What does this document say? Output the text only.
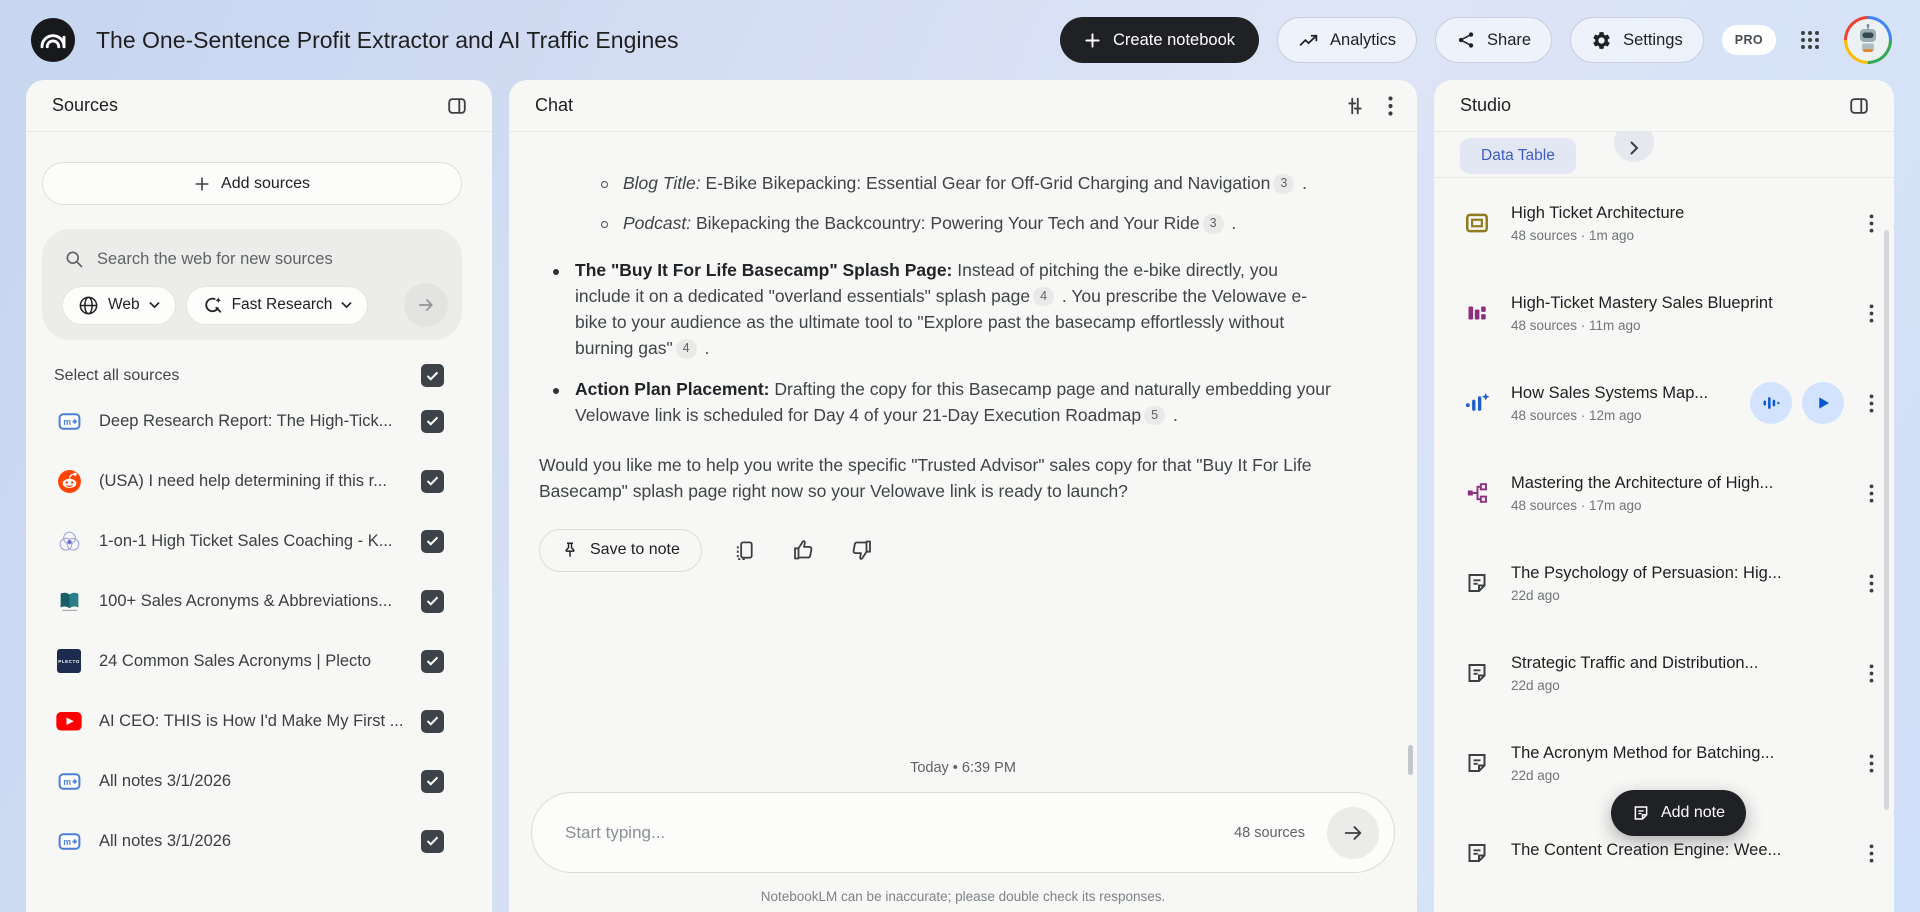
The One-Sentence Profit Extractor and AI Traffic Engines	Create notebook	Analytics	Share	Settings	PRO
Sources
Add sources
Search the web for new sources
Web	Fast Research
Select all sources
m Deep Research Report: The High-Tick...
(USA) I need help determining if this r...
1-on-1 High Ticket Sales Coaching - K...
100+ Sales Acronyms & Abbreviations...
PLECTO 24 Common Sales Acronyms | Plecto
AI CEO: THIS is How I'd Make My First ...
m All notes 3/1/2026
m All notes 3/1/2026
Chat
Blog Title: E-Bike Bikepacking: Essential Gear for Off-Grid Charging and Navigation 3 .
Podcast: Bikepacking the Backcountry: Powering Your Tech and Your Ride 3 .
The "Buy It For Life Basecamp" Splash Page: Instead of pitching the e-bike directly, you include it on a dedicated "overland essentials" splash page 4 . You prescribe the Velowave e-bike to your audience as the ultimate tool to "Explore past the basecamp effortlessly without burning gas" 4 .
Action Plan Placement: Drafting the copy for this Basecamp page and naturally embedding your Velowave link is scheduled for Day 4 of your 21-Day Execution Roadmap 5 .
Would you like me to help you write the specific "Trusted Advisor" sales copy for that "Buy It For Life Basecamp" splash page right now so your Velowave link is ready to launch?
Save to note
Today • 6:39 PM
Start typing...
48 sources
NotebookLM can be inaccurate; please double check its responses.
Studio
Data Table
High Ticket Architecture
48 sources · 1m ago
High-Ticket Mastery Sales Blueprint
48 sources · 11m ago
How Sales Systems Map...
48 sources · 12m ago
Mastering the Architecture of High...
48 sources · 17m ago
The Psychology of Persuasion: Hig...
22d ago
Strategic Traffic and Distribution...
22d ago
The Acronym Method for Batching...
22d ago
The Content Creation Engine: Wee...
Add note
